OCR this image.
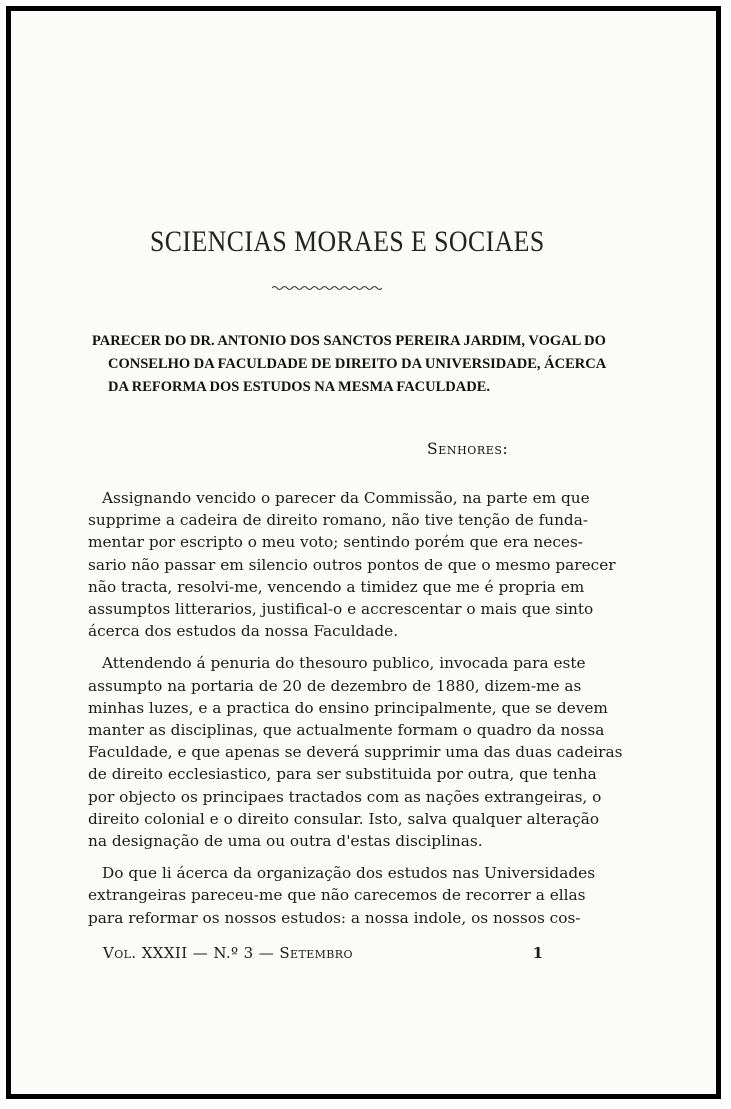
SCIENCIAS MORAES E SOCIAES
PARECER DO DR. ANTONIO DOS SANCTOS PEREIRA JARDIM, VOGAL DO
CONSELHO DA FACULDADE DE DIREITO DA UNIVERSIDADE, ÁCERCA
DA REFORMA DOS ESTUDOS NA MESMA FACULDADE.
Senhores:
Assignando vencido o parecer da Commissão, na parte em que
supprime a cadeira de direito romano, não tive tenção de funda-
mentar por escripto o meu voto; sentindo porém que era neces-
sario não passar em silencio outros pontos de que o mesmo parecer
não tracta, resolvi-me, vencendo a timidez que me é propria em
assumptos litterarios, justifical-o e accrescentar o mais que sinto
ácerca dos estudos da nossa Faculdade.
Attendendo á penuria do thesouro publico, invocada para este
assumpto na portaria de 20 de dezembro de 1880, dizem-me as
minhas luzes, e a practica do ensino principalmente, que se devem
manter as disciplinas, que actualmente formam o quadro da nossa
Faculdade, e que apenas se deverá supprimir uma das duas cadeiras
de direito ecclesiastico, para ser substituida por outra, que tenha
por objecto os principaes tractados com as nações extrangeiras, o
direito colonial e o direito consular. Isto, salva qualquer alteração
na designação de uma ou outra d'estas disciplinas.
Do que li ácerca da organização dos estudos nas Universidades
extrangeiras pareceu-me que não carecemos de recorrer a ellas
para reformar os nossos estudos: a nossa indole, os nossos cos-
Vol. XXXII — N.º 3 — Setembro	1
